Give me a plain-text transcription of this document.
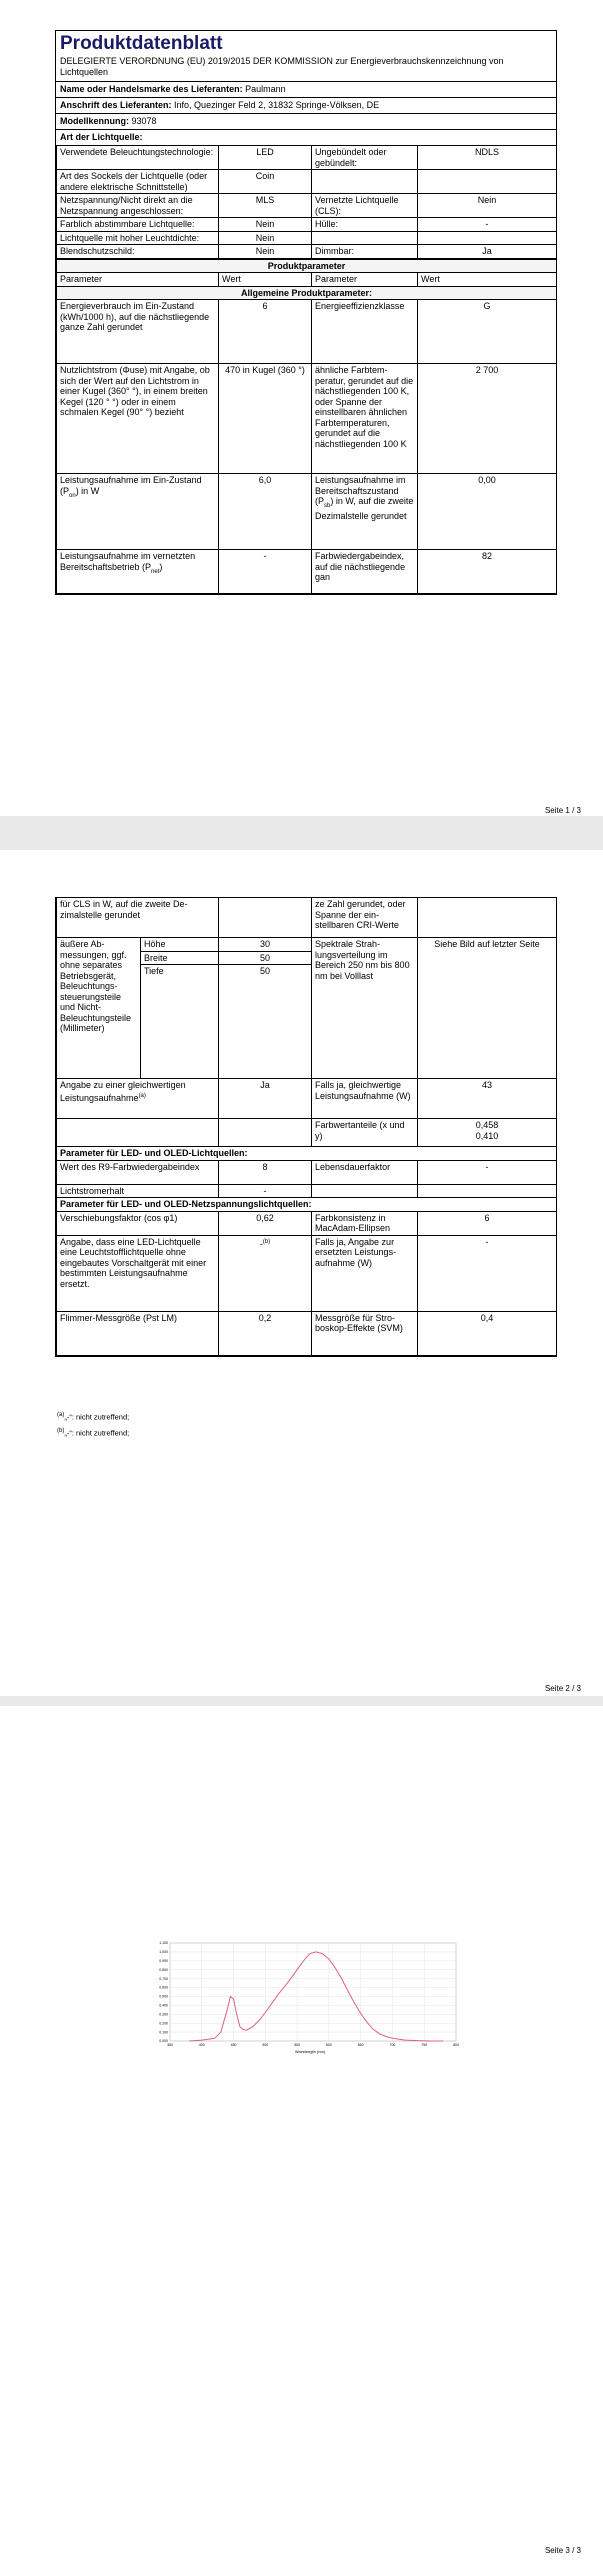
Produktdatenblatt
DELEGIERTE VERORDNUNG (EU) 2019/2015 DER KOMMISSION zur Energieverbrauchskennzeichnung von Lichtquellen
Name oder Handelsmarke des Lieferanten: Paulmann
Anschrift des Lieferanten: Info, Quezinger Feld 2, 31832 Springe-Völksen, DE
Modellkennung: 93078
Art der Lichtquelle:
Verwendete Beleuchtungstechnologie:	LED	Ungebündelt oder gebündelt:	NDLS
Art des Sockels der Lichtquelle (oder andere elektrische Schnittstelle)	Coin		
Netzspannung/Nicht direkt an die Netzspannung angeschlossen:	MLS	Vernetzte Lichtquelle (CLS):	Nein
Farblich abstimmbare Lichtquelle:	Nein	Hülle:	-
Lichtquelle mit hoher Leuchtdichte:	Nein		
Blendschutzschild:	Nein	Dimmbar:	Ja
Produktparameter			
Parameter	Wert	Parameter	Wert
Allgemeine Produktparameter:			
Energieverbrauch im Ein-Zustand (kWh/1000 h), auf die nächstliegende ganze Zahl gerundet	6	Energieeffizienzklasse	G
Nutzlichtstrom (Φuse) mit Angabe, ob sich der Wert auf den Lichtstrom in einer Kugel (360° °), in einem breiten Kegel (120 ° °) oder in einem schmalen Kegel (90° °) bezieht	470 in Kugel (360 °)	ähnliche Farbtemperatur, gerundet auf die nächstliegenden 100 K, oder Spanne der einstellbaren ähnlichen Farbtemperaturen, gerundet auf die nächstliegenden 100 K	2 700
Leistungsaufnahme im Ein-Zustand $(P_{on})$ in W	6,0	Leistungsaufnahme im Bereitschaftszustand $(P_{sb})$ in W, auf die zweite Dezimalstelle gerundet	0,00
Leistungsaufnahme im vernetzten Bereitschaftsbetrieb $(P_{net})$	-	Farbwiedergabeindex, auf die nächstliegende gan	82
Seite 1 / 3
für CLS in W, auf die zweite Dezimalstelle gerundet			ze Zahl gerundet, oder Spanne der einstellbaren CRI-Werte	
äußere Abmessungen, ggf. ohne separates Betriebsgerät, Beleuchtungssteuerungsteile und Nicht-Beleuchtungsteile (Millimeter)	Höhe	30	Spektrale Strahlungsverteilung im Bereich 250 nm bis 800 nm bei Volllast	Siehe Bild auf letzter Seite
	Breite	50		
	Tiefe	50		
Angabe zu einer gleichwertigen Leistungsaufnahme$^{(a)}$		Ja	Falls ja, gleichwertige Leistungsaufnahme (W)	43
			Farbwertanteile (x und y)	0,458
0,410

Parameter für LED- und OLED-Lichtquellen:				
Wert des R9-Farbwiedergabeindex		8	Lebensdauerfaktor	-
Lichtstromerhalt		-		
Parameter für LED- und OLED-Netzspannungslichtquellen:				
Verschiebungsfaktor (cos φ1)		0,62	Farbkonsistenz in MacAdam-Ellipsen	6
Angabe, dass eine LED-Lichtquelle eine Leuchtstofflichtquelle ohne eingebautes Vorschaltgerät mit einer bestimmten Leistungsaufnahme ersetzt.		-$^{(b)}$	Falls ja, Angabe zur ersetzten Leistungsaufnahme (W)	-
Flimmer-Messgröße (Pst LM)		0,2	Messgröße für Stroboskop-Effekte (SVM)	0,4
$^{(a)}$„-“: nicht zutreffend;
$^{(b)}$„-“: nicht zutreffend;
Seite 2 / 3
Seite 3 / 3
0.000
0.100
0.200
0.300
0.400
0.500
0.600
0.700
0.800
0.900
1.000
1.100
350	400	450	500	550	600	650	700	750	800
Wavelength (nm)
